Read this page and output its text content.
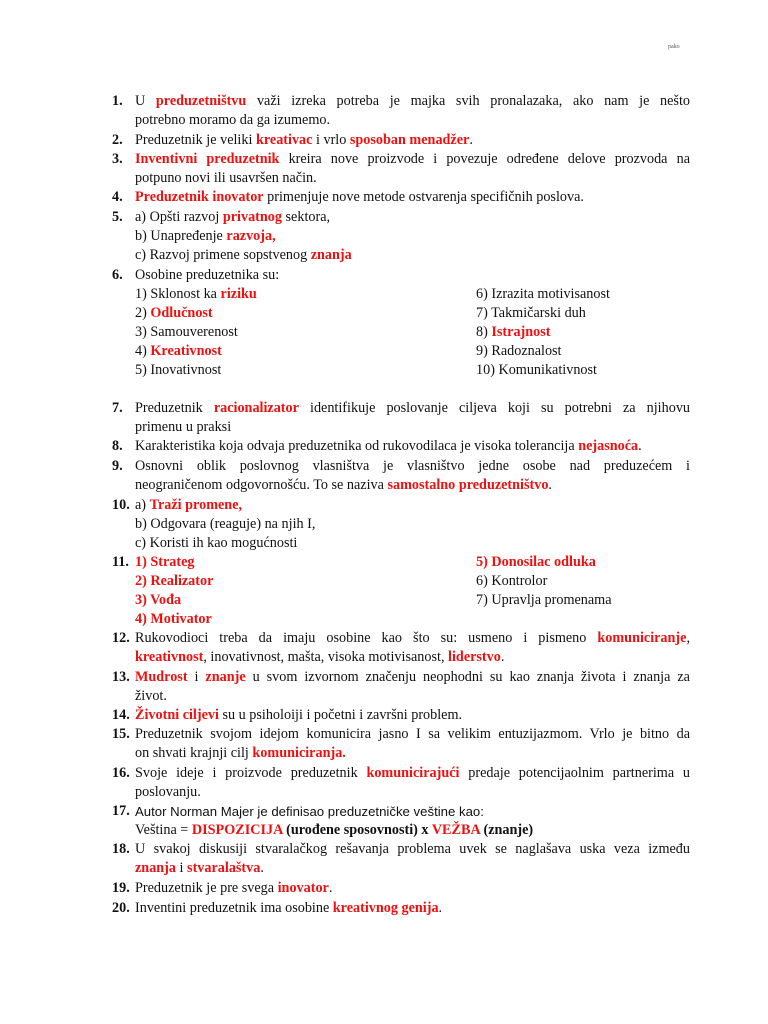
pako
1. U preduzetništvu važi izreka potreba je majka svih pronalazaka, ako nam je nešto
potrebno moramo da ga izumemo.
2. Preduzetnik je veliki kreativac i vrlo sposoban menadžer.
3. Inventivni preduzetnik kreira nove proizvode i povezuje određene delove prozvoda na
potpuno novi ili usavršen način.
4. Preduzetnik inovator primenjuje nove metode ostvarenja specifičnih poslova.
5. a) Opšti razvoj privatnog sektora,
b) Unapređenje razvoja,
c) Razvoj primene sopstvenog znanja
6. Osobine preduzetnika su:
1) Sklonost ka riziku	6) Izrazita motivisanost
2) Odlučnost	7) Takmičarski duh
3) Samouverenost	8) Istrajnost
4) Kreativnost	9) Radoznalost
5) Inovativnost	10) Komunikativnost
7. Preduzetnik racionalizator identifikuje poslovanje ciljeva koji su potrebni za njihovu
primenu u praksi
8. Karakteristika koja odvaja preduzetnika od rukovodilaca je visoka tolerancija nejasnoća.
9. Osnovni oblik poslovnog vlasništva je vlasništvo jedne osobe nad preduzećem i
neograničenom odgovornošću. To se naziva samostalno preduzetništvo.
10. a) Traži promene,
b) Odgovara (reaguje) na njih I,
c) Koristi ih kao mogućnosti
11. 1) Strateg	5) Donosilac odluka
2) Realizator	6) Kontrolor
3) Vođa	7) Upravlja promenama
4) Motivator
12. Rukovodioci treba da imaju osobine kao što su: usmeno i pismeno komuniciranje,
kreativnost, inovativnost, mašta, visoka motivisanost, liderstvo.
13. Mudrost i znanje u svom izvornom značenju neophodni su kao znanja života i znanja za
život.
14. Životni ciljevi su u psiholoiji i početni i završni problem.
15. Preduzetnik svojom idejom komunicira jasno I sa velikim entuzijazmom. Vrlo je bitno da
on shvati krajnji cilj komuniciranja.
16. Svoje ideje i proizvode preduzetnik komunicirajući predaje potencijaolnim partnerima u
poslovanju.
17. Autor Norman Majer je definisao preduzetničke veštine kao:
Veština = DISPOZICIJA (urođene sposovnosti) x VEŽBA (znanje)
18. U svakoj diskusiji stvaralačkog rešavanja problema uvek se naglašava uska veza između
znanja i stvaralaštva.
19. Preduzetnik je pre svega inovator.
20. Inventini preduzetnik ima osobine kreativnog genija.
